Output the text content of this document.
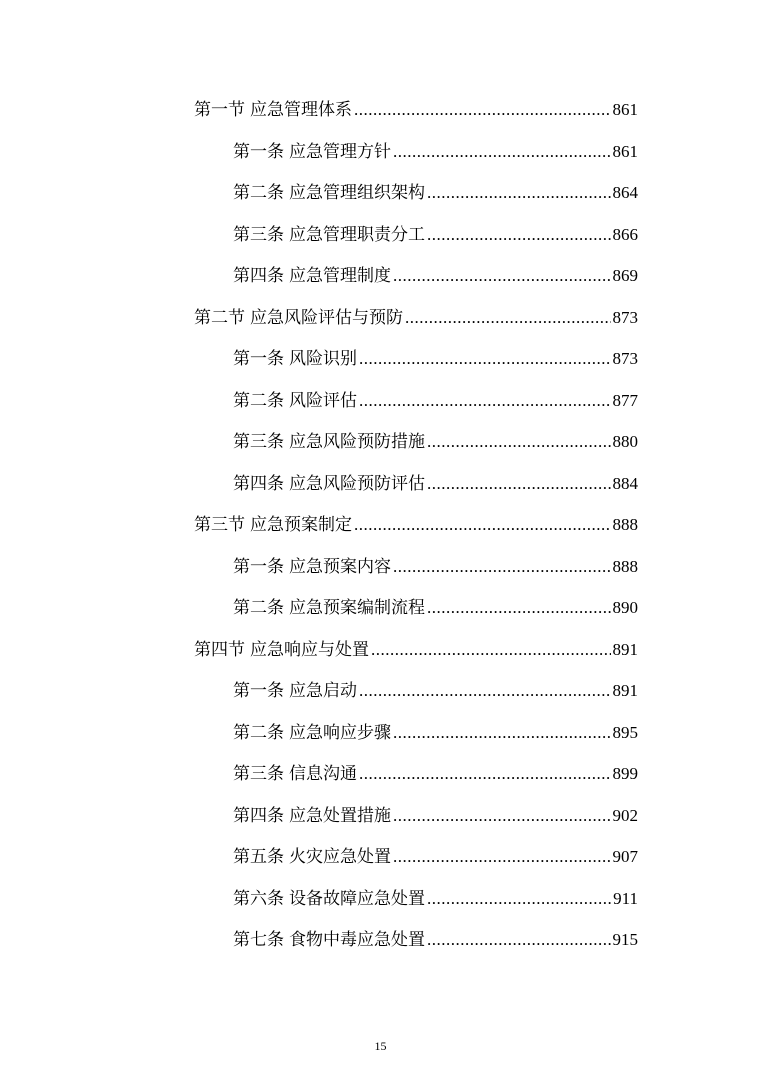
第一节 应急管理体系 .....	861
第一条 应急管理方针 .....	861
第二条 应急管理组织架构 .....	864
第三条 应急管理职责分工 .....	866
第四条 应急管理制度 .....	869
第二节 应急风险评估与预防 .....	873
第一条 风险识别 .....	873
第二条 风险评估 .....	877
第三条 应急风险预防措施 .....	880
第四条 应急风险预防评估 .....	884
第三节 应急预案制定 .....	888
第一条 应急预案内容 .....	888
第二条 应急预案编制流程 .....	890
第四节 应急响应与处置 .....	891
第一条 应急启动 .....	891
第二条 应急响应步骤 .....	895
第三条 信息沟通 .....	899
第四条 应急处置措施 .....	902
第五条 火灾应急处置 .....	907
第六条 设备故障应急处置 .....	911
第七条 食物中毒应急处置 .....	915
15
